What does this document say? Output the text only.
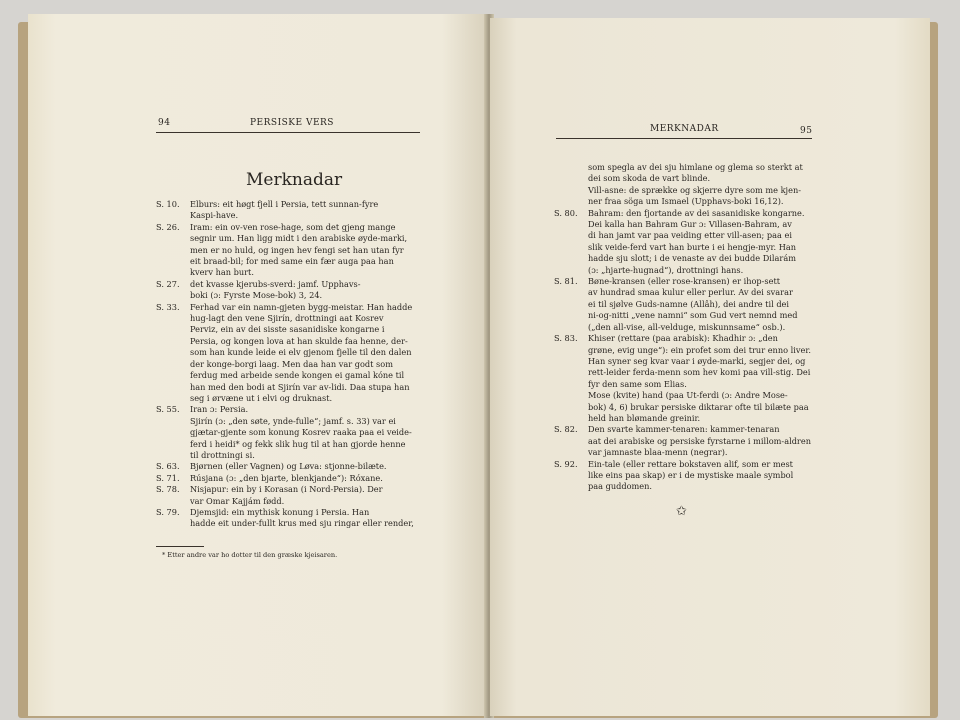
94	PERSISKE VERS
Merknadar
S. 10.	Elburs: eit høgt fjell i Persia, tett sunnan-fyre
Kaspi-have.
S. 26.	Iram: ein ov-ven rose-hage, som det gjeng mange
segnir um. Han ligg midt i den arabiske øyde-marki,
men er no huld, og ingen hev fengi set han utan fyr
eit braad-bil; for med same ein fær auga paa han
kverv han burt.
S. 27.	det kvasse kjerubs-sverd: jamf. Upphavs-
boki (ɔ: Fyrste Mose-bok) 3, 24.
S. 33.	Ferhad var ein namn-gjeten bygg-meistar. Han hadde
hug-lagt den vene Sjirín, drottningi aat Kosrev
Perviz, ein av dei sisste sasanidiske kongarne i
Persia, og kongen lova at han skulde faa henne, der-
som han kunde leide ei elv gjenom fjelle til den dalen
der konge-borgi laag. Men daa han var godt som
ferdug med arbeide sende kongen ei gamal kóne til
han med den bodi at Sjirín var av-lidi. Daa stupa han
seg i ørvæne ut i elvi og druknast.
S. 55.	Iran ɔ: Persia.
Sjirín (ɔ: „den søte, ynde-fulle“; jamf. s. 33) var ei
gjætar-gjente som konung Kosrev raaka paa ei veide-
ferd i heidi* og fekk slik hug til at han gjorde henne
til drottningi si.
S. 63.	Bjørnen (eller Vagnen) og Løva: stjonne-bilæte.
S. 71.	Rúsjana (ɔ: „den bjarte, blenkjande“): Róxane.
S. 78.	Nisjapur: ein by i Korasan (i Nord-Persia). Der
var Omar Kajjám fødd.
S. 79.	Djemsjid: ein mythisk konung i Persia. Han
hadde eit under-fullt krus med sju ringar eller render,
* Etter andre var ho dotter til den græske kjeisaren.
MERKNADAR	95
som spegla av dei sju himlane og glema so sterkt at
dei som skoda de vart blinde.
Vill-asne: de sprække og skjerre dyre som me kjen-
ner fraa söga um Ismael (Upphavs-boki 16,12).
S. 80.	Bahram: den fjortande av dei sasanidiske kongarne.
Dei kalla han Bahram Gur ɔ: Villasen-Bahram, av
di han jamt var paa veiding etter vill-asen; paa ei
slik veide-ferd vart han burte i ei hengje-myr. Han
hadde sju slott; i de venaste av dei budde Dilarám
(ɔ: „hjarte-hugnad“), drottningi hans.
S. 81.	Bøne-kransen (eller rose-kransen) er ihop-sett
av hundrad smaa kulur eller perlur. Av dei svarar
ei til sjølve Guds-namne (Allâh), dei andre til dei
ni-og-nitti „vene namni“ som Gud vert nemnd med
(„den all-vise, all-velduge, miskunnsame“ osb.).
S. 83.	Khiser (rettare (paa arabisk): Khadhir ɔ: „den
grøne, evig unge“): ein profet som dei trur enno liver.
Han syner seg kvar vaar i øyde-marki, segjer dei, og
rett-leider ferda-menn som hev komi paa vill-stig. Dei
fyr den same som Elias.
Mose (kvite) hand (paa Ut-ferdi (ɔ: Andre Mose-
bok) 4, 6) brukar persiske diktarar ofte til bilæte paa
held han blømande greinir.
S. 82.	Den svarte kammer-tenaren: kammer-tenaran
aat dei arabiske og persiske fyrstarne i millom-aldren
var jamnaste blaa-menn (negrar).
S. 92.	Ein-tale (eller rettare bokstaven alif, som er mest
like eins paa skap) er i de mystiske maale symbol
paa guddomen.
✩
